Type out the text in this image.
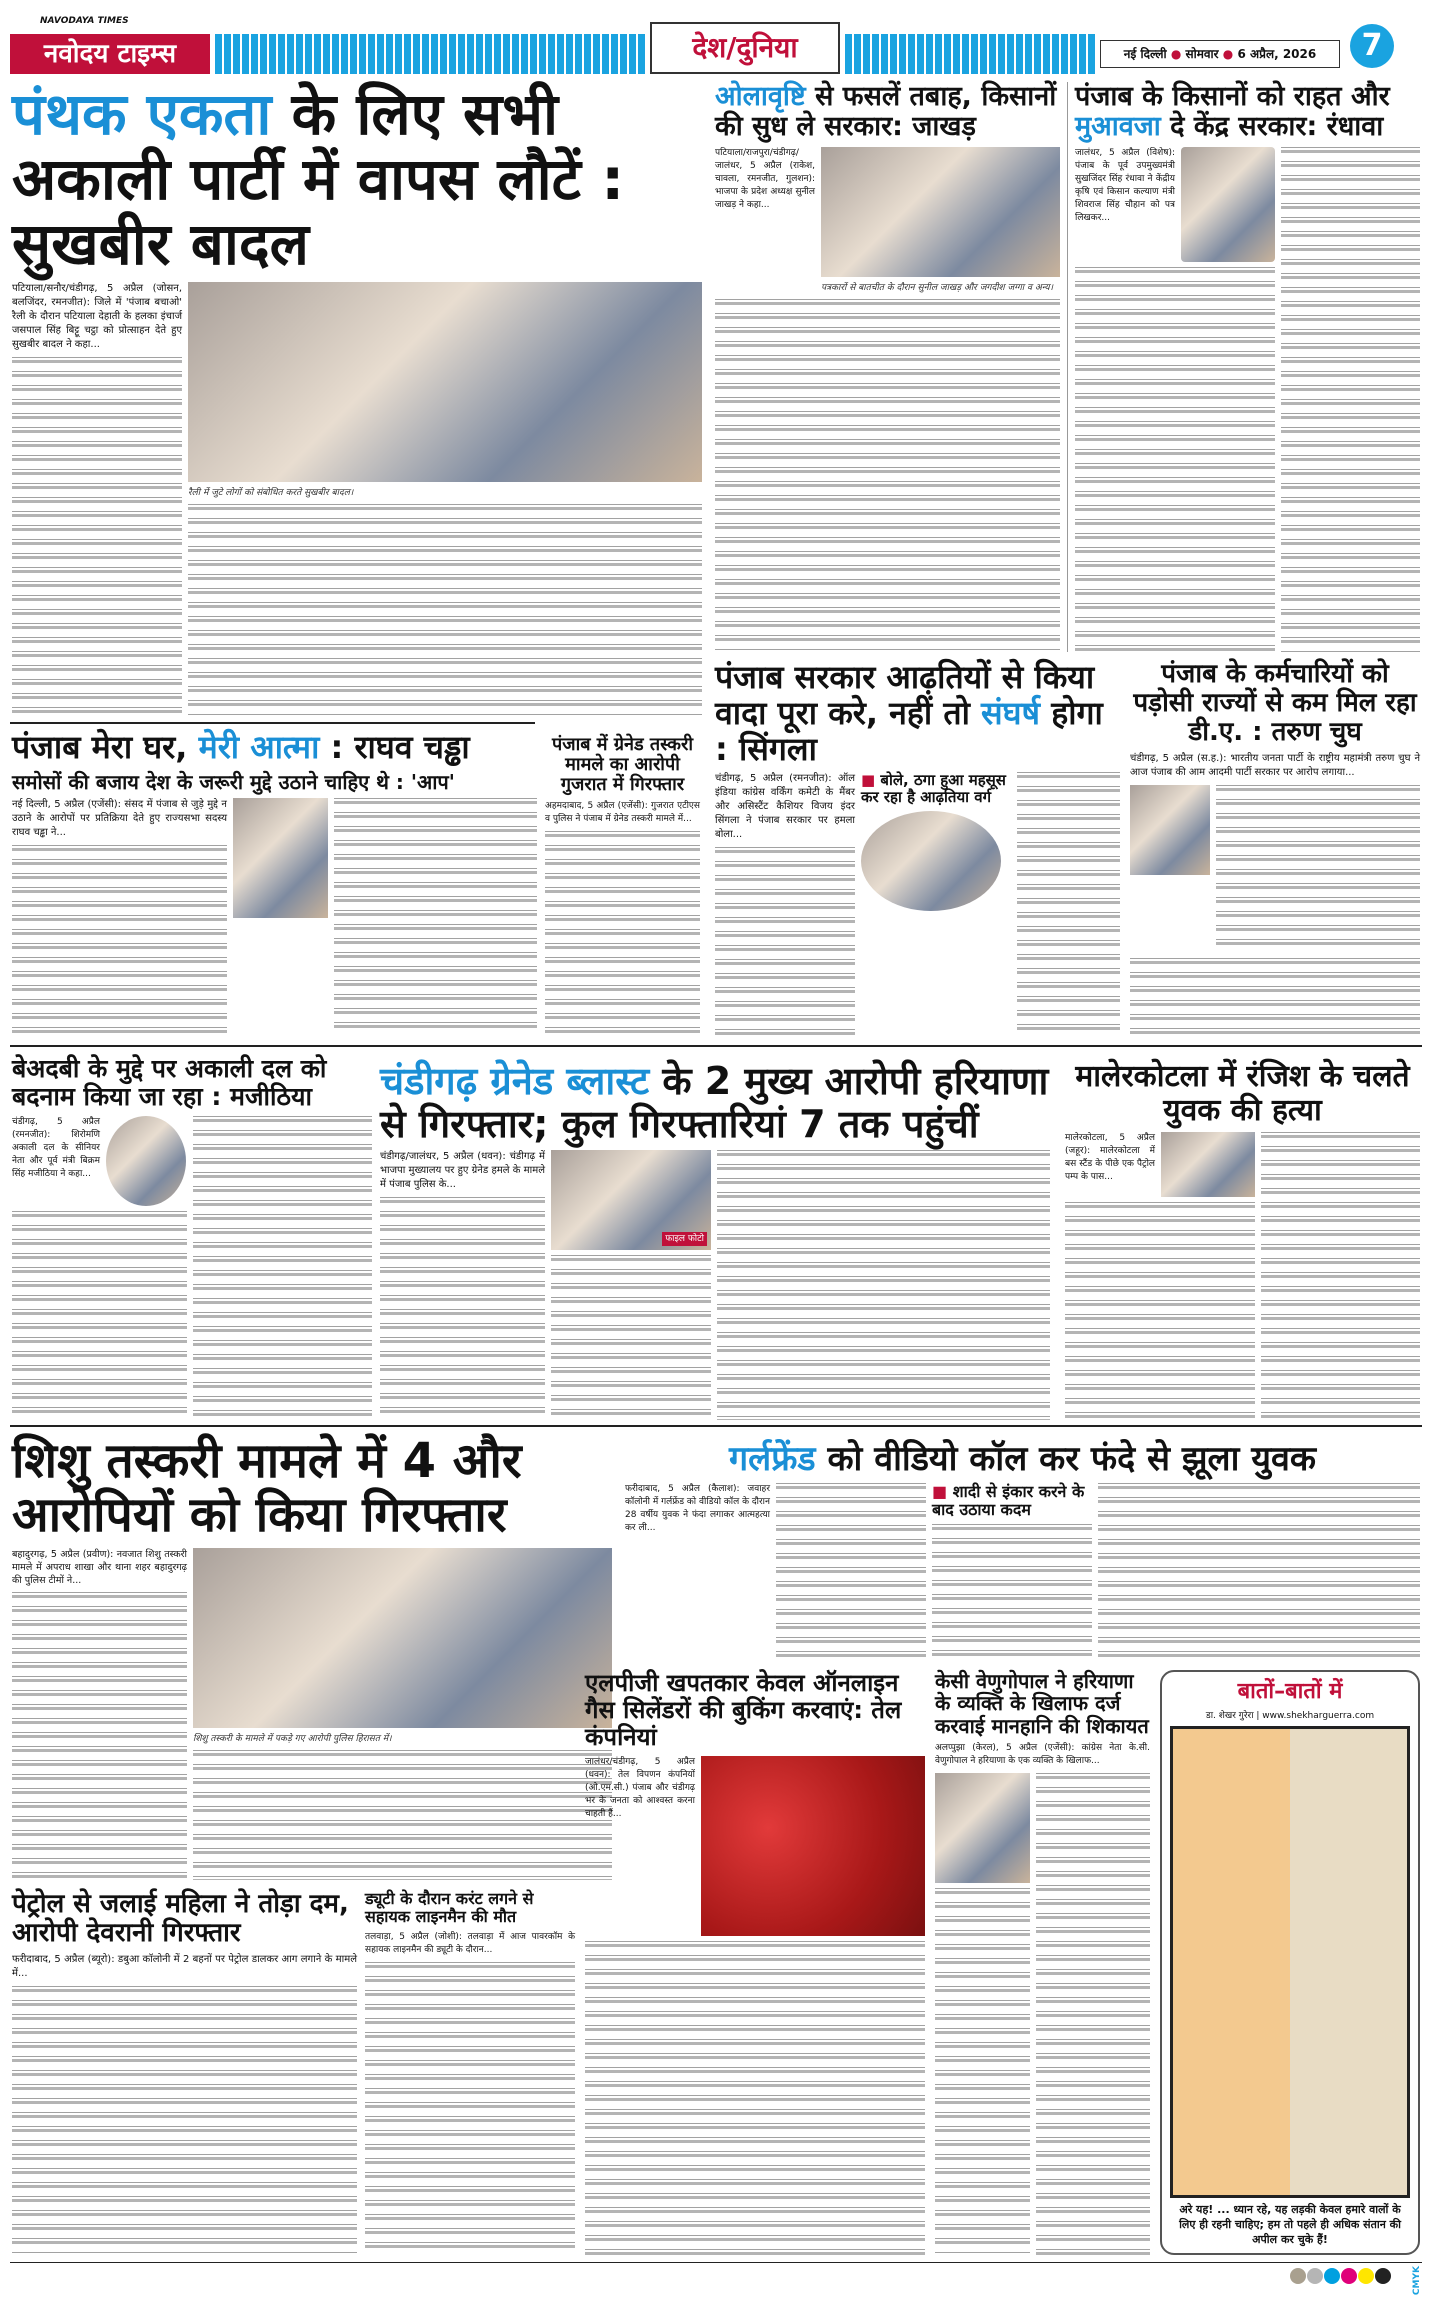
NAVODAYA TIMES
नवोदय टाइम्स	देश/दुनिया	नई दिल्ली ● सोमवार ● 6 अप्रैल, 2026	7
पंथक एकता के लिए सभी अकाली पार्टी में वापस लौटें : सुखबीर बादल
पटियाला/सनौर/चंडीगढ़, 5 अप्रैल (जोसन, बलजिंदर, रमनजीत): जिले में 'पंजाब बचाओ' रैली के दौरान पटियाला देहाती के हलका इंचार्ज जसपाल सिंह बिट्टू चट्ठा को प्रोत्साहन देते हुए सुखबीर बादल ने कहा...
रैली में जुटे लोगों को संबोधित करते सुखबीर बादल।
ओलावृष्टि से फसलें तबाह, किसानों की सुध ले सरकार: जाखड़
पटियाला/राजपुरा/चंडीगढ़/जालंधर, 5 अप्रैल (राकेश, चावला, रमनजीत, गुलशन): भाजपा के प्रदेश अध्यक्ष सुनील जाखड़ ने कहा...
पत्रकारों से बातचीत के दौरान सुनील जाखड़ और जगदीश जग्गा व अन्य।
पंजाब के किसानों को राहत और मुआवजा दे केंद्र सरकार: रंधावा
जालंधर, 5 अप्रैल (विशेष): पंजाब के पूर्व उपमुख्यमंत्री सुखजिंदर सिंह रंधावा ने केंद्रीय कृषि एवं किसान कल्याण मंत्री शिवराज सिंह चौहान को पत्र लिखकर...
पंजाब मेरा घर, मेरी आत्मा : राघव चड्ढा
समोसों की बजाय देश के जरूरी मुद्दे उठाने चाहिए थे : 'आप'
नई दिल्ली, 5 अप्रैल (एजेंसी): संसद में पंजाब से जुड़े मुद्दे न उठाने के आरोपों पर प्रतिक्रिया देते हुए राज्यसभा सदस्य राघव चड्ढा ने...
पंजाब में ग्रेनेड तस्करी मामले का आरोपी गुजरात में गिरफ्तार
अहमदाबाद, 5 अप्रैल (एजेंसी): गुजरात एटीएस व पुलिस ने पंजाब में ग्रेनेड तस्करी मामले में...
पंजाब सरकार आढ़तियों से किया वादा पूरा करे, नहीं तो संघर्ष होगा : सिंगला
चंडीगढ़, 5 अप्रैल (रमनजीत): ऑल इंडिया कांग्रेस वर्किंग कमेटी के मैंबर और असिस्टैंट कैशियर विजय इंदर सिंगला ने पंजाब सरकार पर हमला बोला...
■ बोले, ठगा हुआ महसूस कर रहा है आढ़तिया वर्ग
पंजाब के कर्मचारियों को पड़ोसी राज्यों से कम मिल रहा डी.ए. : तरुण चुघ
चंडीगढ़, 5 अप्रैल (स.ह.): भारतीय जनता पार्टी के राष्ट्रीय महामंत्री तरुण चुघ ने आज पंजाब की आम आदमी पार्टी सरकार पर आरोप लगाया...
बेअदबी के मुद्दे पर अकाली दल को बदनाम किया जा रहा : मजीठिया
चंडीगढ़, 5 अप्रैल (रमनजीत): शिरोमणि अकाली दल के सीनियर नेता और पूर्व मंत्री बिक्रम सिंह मजीठिया ने कहा...
चंडीगढ़ ग्रेनेड ब्लास्ट के 2 मुख्य आरोपी हरियाणा से गिरफ्तार; कुल गिरफ्तारियां 7 तक पहुंचीं
चंडीगढ़/जालंधर, 5 अप्रैल (धवन): चंडीगढ़ में भाजपा मुख्यालय पर हुए ग्रेनेड हमले के मामले में पंजाब पुलिस के...
फाइल फोटो
मालेरकोटला में रंजिश के चलते युवक की हत्या
मालेरकोटला, 5 अप्रैल (जहूर): मालेरकोटला में बस स्टैंड के पीछे एक पैट्रोल पम्प के पास...
शिशु तस्करी मामले में 4 और आरोपियों को किया गिरफ्तार
बहादुरगढ़, 5 अप्रैल (प्रवीण): नवजात शिशु तस्करी मामले में अपराध शाखा और थाना शहर बहादुरगढ़ की पुलिस टीमों ने...
शिशु तस्करी के मामले में पकड़े गए आरोपी पुलिस हिरासत में।
गर्लफ्रेंड को वीडियो कॉल कर फंदे से झूला युवक
फरीदाबाद, 5 अप्रैल (कैलाश): जवाहर कॉलोनी में गर्लफ्रेंड को वीडियो कॉल के दौरान 28 वर्षीय युवक ने फंदा लगाकर आत्महत्या कर ली...
■ शादी से इंकार करने के बाद उठाया कदम
पेट्रोल से जलाई महिला ने तोड़ा दम, आरोपी देवरानी गिरफ्तार
फरीदाबाद, 5 अप्रैल (ब्यूरो): डबुआ कॉलोनी में 2 बहनों पर पेट्रोल डालकर आग लगाने के मामले में...
ड्यूटी के दौरान करंट लगने से सहायक लाइनमैन की मौत
तलवाड़ा, 5 अप्रैल (जोशी): तलवाड़ा में आज पावरकॉम के सहायक लाइनमैन की ड्यूटी के दौरान...
एलपीजी खपतकार केवल ऑनलाइन गैस सिलेंडरों की बुकिंग करवाएं: तेल कंपनियां
जालंधर/चंडीगढ़, 5 अप्रैल (धवन): तेल विपणन कंपनियों (ओ.एम.सी.) पंजाब और चंडीगढ़ भर के जनता को आश्वस्त करना चाहती हैं...
केसी वेणुगोपाल ने हरियाणा के व्यक्ति के खिलाफ दर्ज करवाई मानहानि की शिकायत
अलप्पुझा (केरल), 5 अप्रैल (एजेंसी): कांग्रेस नेता के.सी. वेणुगोपाल ने हरियाणा के एक व्यक्ति के खिलाफ...
बातों–बातों में
डा. शेखर गुरेरा | www.shekharguerra.com
अरे यह! ... ध्यान रहे, यह लड़की केवल हमारे वालों के लिए ही रहनी चाहिए; हम तो पहले ही अधिक संतान की अपील कर चुके हैं!
CMYK
